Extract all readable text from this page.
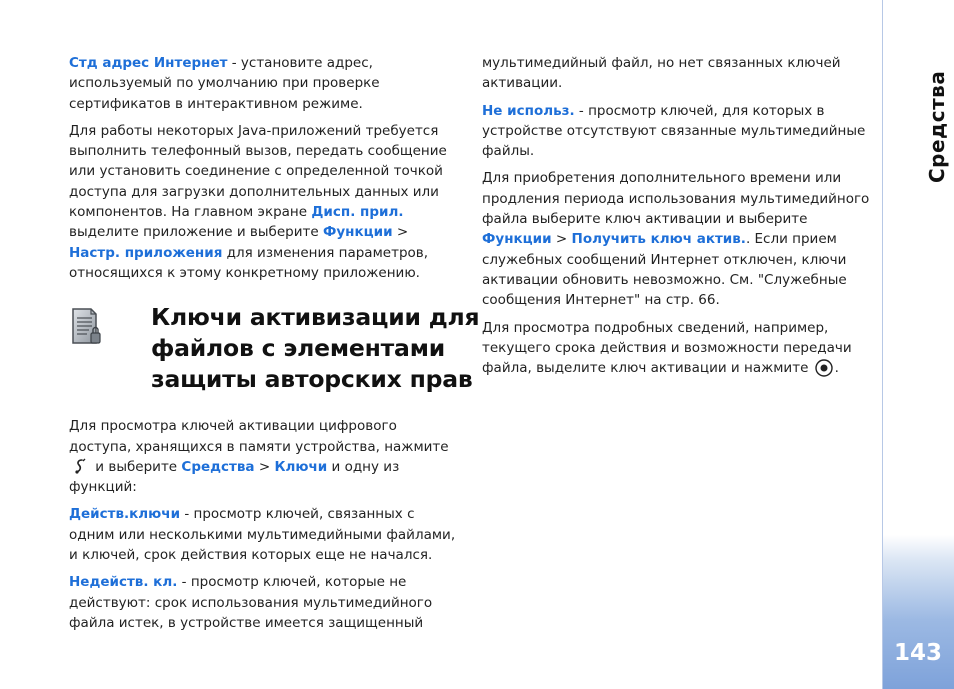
Стд адрес Интернет - установите адрес, используемый по умолчанию при проверке сертификатов в интерактивном режиме.

Для работы некоторых Java-приложений требуется выполнить телефонный вызов, передать сообщение или установить соединение с определенной точкой доступа для загрузки дополнительных данных или компонентов. На главном экране Дисп. прил. выделите приложение и выберите Функции > Настр. приложения для изменения параметров, относящихся к этому конкретному приложению.

Ключи активизации для файлов с элементами защиты авторских прав

Для просмотра ключей активации цифрового доступа, хранящихся в памяти устройства, нажмите  и выберите Средства > Ключи и одну из функций:

Действ.ключи - просмотр ключей, связанных с одним или несколькими мультимедийными файлами, и ключей, срок действия которых еще не начался.

Недейств. кл. - просмотр ключей, которые не действуют: срок использования мультимедийного файла истек, в устройстве имеется защищенный

мультимедийный файл, но нет связанных ключей активации.

Не использ. - просмотр ключей, для которых в устройстве отсутствуют связанные мультимедийные файлы.

Для приобретения дополнительного времени или продления периода использования мультимедийного файла выберите ключ активации и выберите Функции > Получить ключ актив.. Если прием служебных сообщений Интернет отключен, ключи активации обновить невозможно. См. "Служебные сообщения Интернет" на стр. 66.

Для просмотра подробных сведений, например, текущего срока действия и возможности передачи файла, выделите ключ активации и нажмите .

Средства
143
